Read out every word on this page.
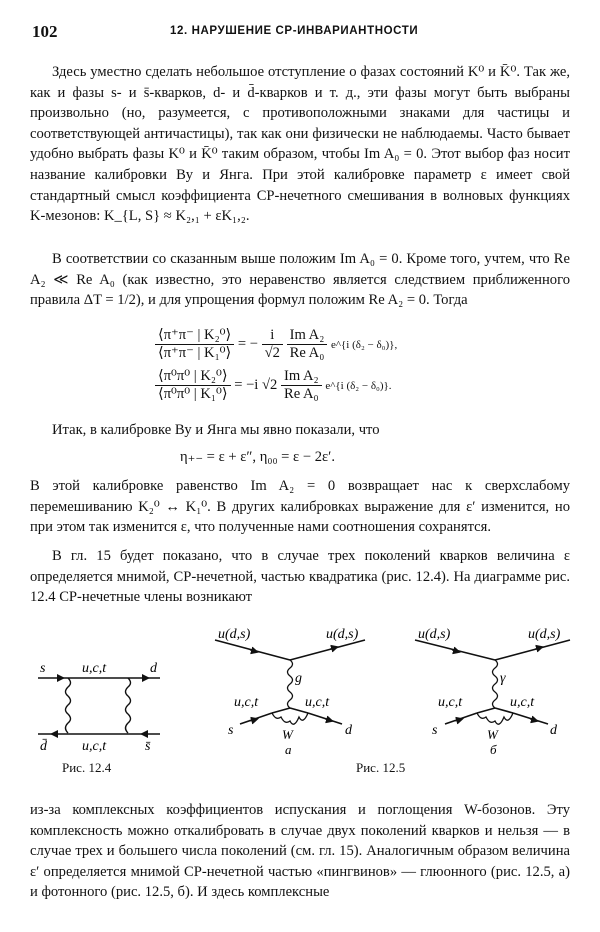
102	12. НАРУШЕНИЕ CP-ИНВАРИАНТНОСТИ

Здесь уместно сделать небольшое отступление о фазах состояний K⁰ и K̄⁰. Так же, как и фазы s- и s̄-кварков, d- и d̄-кварков и т. д., эти фазы могут быть выбраны произвольно (но, разумеется, с противоположными знаками для частицы и соответствующей античастицы), так как они физически не наблюдаемы. Часто бывает удобно выбрать фазы K⁰ и K̄⁰ таким образом, чтобы Im A₀ = 0. Этот выбор фаз носит название калибровки Ву и Янга. При этой калибровке параметр ε имеет свой стандартный смысл коэффициента CP-нечетного смешивания в волновых функциях K-мезонов: K_{L, S} ≈ K₂,₁ + εK₁,₂.

В соответствии со сказанным выше положим Im A₀ = 0. Кроме того, учтем, что Re A₂ ≪ Re A₀ (как известно, это неравенство является следствием приближенного правила ΔT = 1/2), и для упрощения формул положим Re A₂ = 0. Тогда

$\frac{\text{⟨π⁺π⁻ | K₂⁰⟩}}{\text{⟨π⁺π⁻ | K₁⁰⟩}}$ = − $\frac{i}{√2}$
$\frac{\text{Im A₂}}{\text{Re A₀}}$ e^{i (δ₂ − δ₀)},
$\frac{\text{⟨π⁰π⁰ | K₂⁰⟩}}{\text{⟨π⁰π⁰ | K₁⁰⟩}} = -i$ $√2 \frac{\text{Im A₂}}{\text{Re A₀}}$ e^{i (δ₂ − δ₀)}.

Итак, в калибровке Ву и Янга мы явно показали, что

η₊₋ = ε + ε″, η₀₀ = ε − 2ε′.

В этой калибровке равенство Im A₂ = 0 возвращает нас к сверхслабому перемешиванию K₂⁰ ↔ K₁⁰. В других калибровках выражение для ε′ изменится, но при этом так изменится ε, что полученные нами соотношения сохранятся.

В гл. 15 будет показано, что в случае трех поколений кварков величина ε определяется мнимой, CP-нечетной, частью квадратика (рис. 12.4). На диаграмме рис. 12.4 CP-нечетные члены возникают

s	u,c,t	d
d̄	u,c,t	s̄
u(d,s)	u(d,s)
g
u,c,t	u,c,t
W
s	d
а
u(d,s)	u(d,s)
γ
u,c,t	u,c,t
W
s	d
б
Рис. 12.4	Рис. 12.5

из-за комплексных коэффициентов испускания и поглощения W-бозонов. Эту комплексность можно откалибровать в случае двух поколений кварков и нельзя — в случае трех и большего числа поколений (см. гл. 15). Аналогичным образом величина ε′ определяется мнимой CP-нечетной частью «пингвинов» — глюонного (рис. 12.5, а) и фотонного (рис. 12.5, б). И здесь комплексные
